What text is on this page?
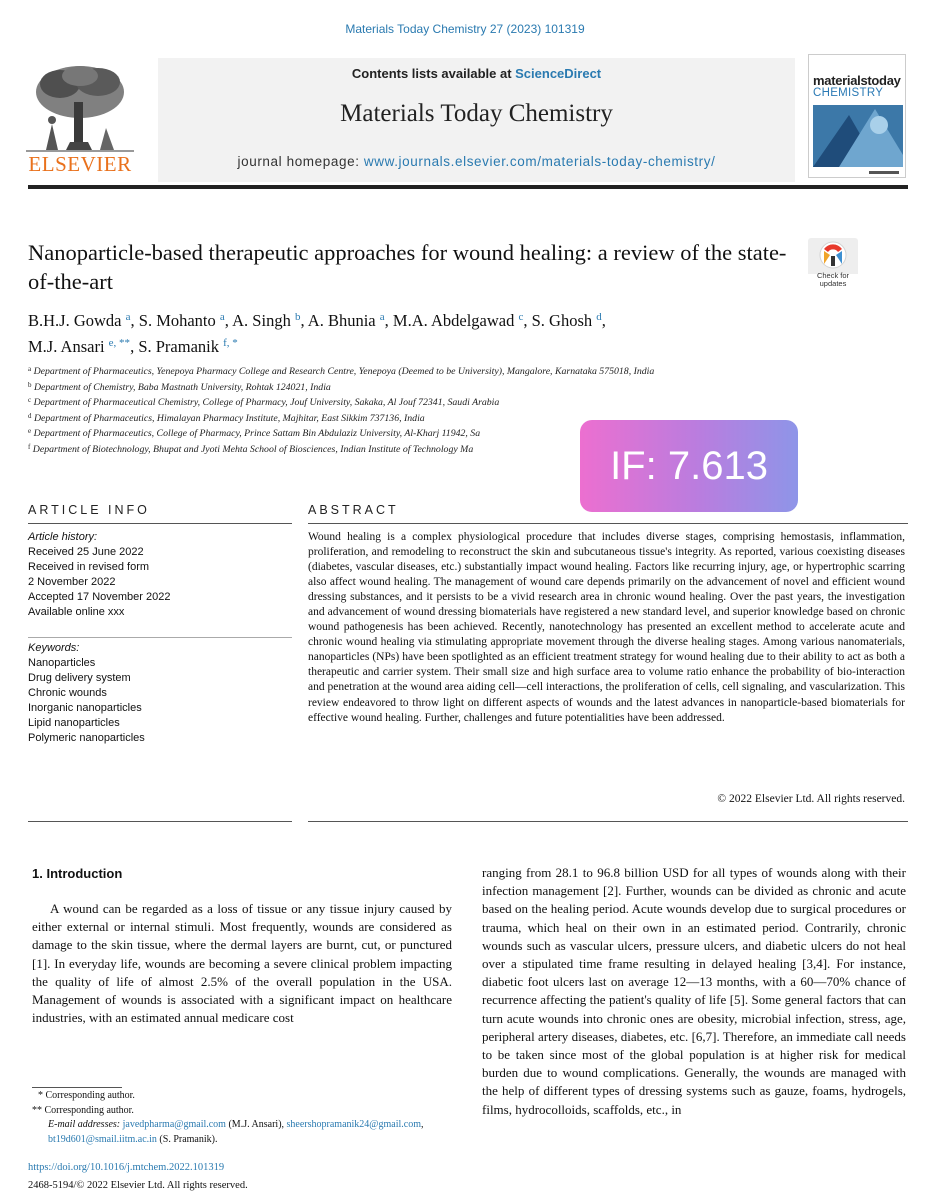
Materials Today Chemistry 27 (2023) 101319
ELSEVIER
Contents lists available at ScienceDirect
Materials Today Chemistry
journal homepage: www.journals.elsevier.com/materials-today-chemistry/
materialstoday
CHEMISTRY
Nanoparticle-based therapeutic approaches for wound healing: a review of the state-of-the-art	Check for updates
B.H.J. Gowda $^a$, S. Mohanto $^a$, A. Singh $^b$, A. Bhunia $^a$, M.A. Abdelgawad $^c$, S. Ghosh $^d$,
M.J. Ansari $^{e, **}$, S. Pramanik $^{f, *}$
$^a$ Department of Pharmaceutics, Yenepoya Pharmacy College and Research Centre, Yenepoya (Deemed to be University), Mangalore, Karnataka 575018, India
$^b$ Department of Chemistry, Baba Mastnath University, Rohtak 124021, India
$^c$ Department of Pharmaceutical Chemistry, College of Pharmacy, Jouf University, Sakaka, Al Jouf 72341, Saudi Arabia
$^d$ Department of Pharmaceutics, Himalayan Pharmacy Institute, Majhitar, East Sikkim 737136, India
$^e$ Department of Pharmaceutics, College of Pharmacy, Prince Sattam Bin Abdulaziz University, Al-Kharj 11942, Sa
$^f$ Department of Biotechnology, Bhupat and Jyoti Mehta School of Biosciences, Indian Institute of Technology Ma	IF: 7.613
ARTICLE INFO	ABSTRACT
Article history:
Received 25 June 2022
Received in revised form
2 November 2022
Accepted 17 November 2022
Available online xxx
Keywords:
Nanoparticles
Drug delivery system
Chronic wounds
Inorganic nanoparticles
Lipid nanoparticles
Polymeric nanoparticles
Wound healing is a complex physiological procedure that includes diverse stages, comprising hemostasis, inflammation, proliferation, and remodeling to reconstruct the skin and subcutaneous tissue's integrity. As reported, various coexisting diseases (diabetes, vascular diseases, etc.) substantially impact wound healing. Factors like recurring injury, age, or hypertrophic scarring also affect wound healing. The management of wound care depends primarily on the advancement of novel and efficient wound dressing substances, and it persists to be a vivid research area in chronic wound healing. Over the past years, the investigation and advancement of wound dressing biomaterials have registered a new standard level, and superior knowledge based on chronic wound pathogenesis has been achieved. Recently, nanotechnology has presented an excellent method to accelerate acute and chronic wound healing via stimulating appropriate movement through the diverse healing stages. Among various nanomaterials, nanoparticles (NPs) have been spotlighted as an efficient treatment strategy for wound healing due to their ability to act as both a therapeutic and carrier system. Their small size and high surface area to volume ratio enhance the probability of bio-interaction and penetration at the wound area aiding cell—cell interactions, the proliferation of cells, cell signaling, and vascularization. This review endeavored to throw light on different aspects of wounds and the latest advances in nanoparticle-based biomaterials for effective wound healing. Further, challenges and future potentialities have been addressed.
© 2022 Elsevier Ltd. All rights reserved.
1. Introduction
A wound can be regarded as a loss of tissue or any tissue injury caused by either external or internal stimuli. Most frequently, wounds are considered as damage to the skin tissue, where the dermal layers are burnt, cut, or punctured [1]. In everyday life, wounds are becoming a severe clinical problem impacting the quality of life of almost 2.5% of the overall population in the USA. Management of wounds is associated with a significant impact on healthcare industries, with an estimated annual medicare cost
ranging from 28.1 to 96.8 billion USD for all types of wounds along with their infection management [2]. Further, wounds can be divided as chronic and acute based on the healing period. Acute wounds develop due to surgical procedures or trauma, which heal on their own in an estimated period. Contrarily, chronic wounds such as vascular ulcers, pressure ulcers, and diabetic ulcers do not heal over a stipulated time frame resulting in delayed healing [3,4]. For instance, diabetic foot ulcers last on average 12—13 months, with a 60—70% chance of recurrence affecting the patient's quality of life [5]. Some general factors that can turn acute wounds into chronic ones are obesity, microbial infection, stress, age, peripheral artery diseases, diabetes, etc. [6,7]. Therefore, an immediate call needs to be taken since most of the global population is at higher risk for medical burden due to wound complications. Generally, the wounds are managed with the help of different types of dressing systems such as gauze, foams, hydrogels, films, hydrocolloids, scaffolds, etc., in
* Corresponding author.
** Corresponding author.
E-mail addresses: javedpharma@gmail.com (M.J. Ansari), sheershopramanik24@gmail.com, bt19d601@smail.iitm.ac.in (S. Pramanik).
https://doi.org/10.1016/j.mtchem.2022.101319
2468-5194/© 2022 Elsevier Ltd. All rights reserved.
